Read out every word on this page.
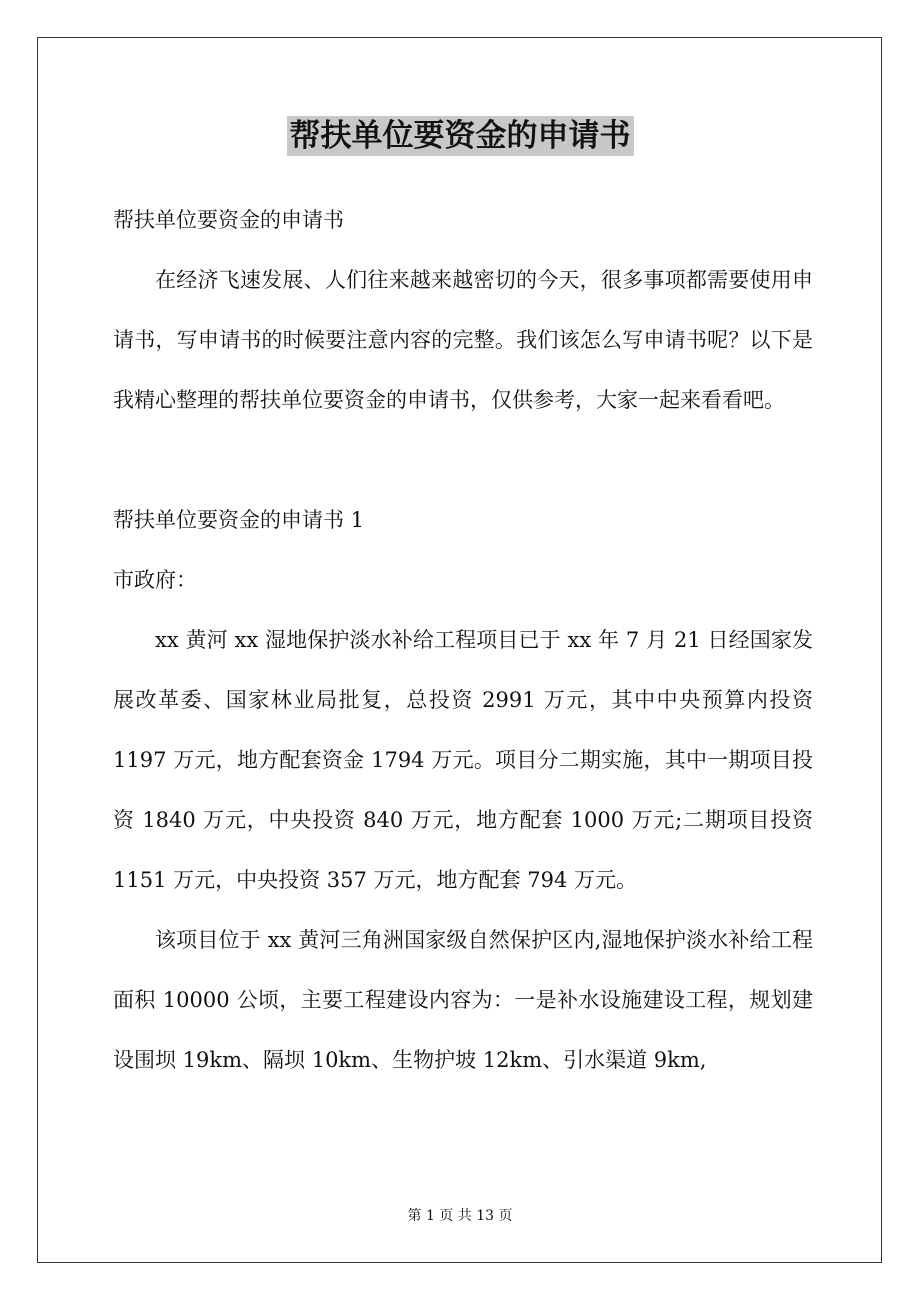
帮扶单位要资金的申请书

帮扶单位要资金的申请书

在经济飞速发展、人们往来越来越密切的今天，很多事项都需要使用申请书，写申请书的时候要注意内容的完整。我们该怎么写申请书呢？以下是我精心整理的帮扶单位要资金的申请书，仅供参考，大家一起来看看吧。

帮扶单位要资金的申请书 1

市政府：

xx 黄河 xx 湿地保护淡水补给工程项目已于 xx 年 7 月 21 日经国家发展改革委、国家林业局批复，总投资 2991 万元，其中中央预算内投资 1197 万元，地方配套资金 1794 万元。项目分二期实施，其中一期项目投资 1840 万元，中央投资 840 万元，地方配套 1000 万元;二期项目投资 1151 万元，中央投资 357 万元，地方配套 794 万元。

该项目位于 xx 黄河三角洲国家级自然保护区内,湿地保护淡水补给工程面积 10000 公顷，主要工程建设内容为：一是补水设施建设工程，规划建设围坝 19km、隔坝 10km、生物护坡 12km、引水渠道 9km,

第 1 页 共 13 页
